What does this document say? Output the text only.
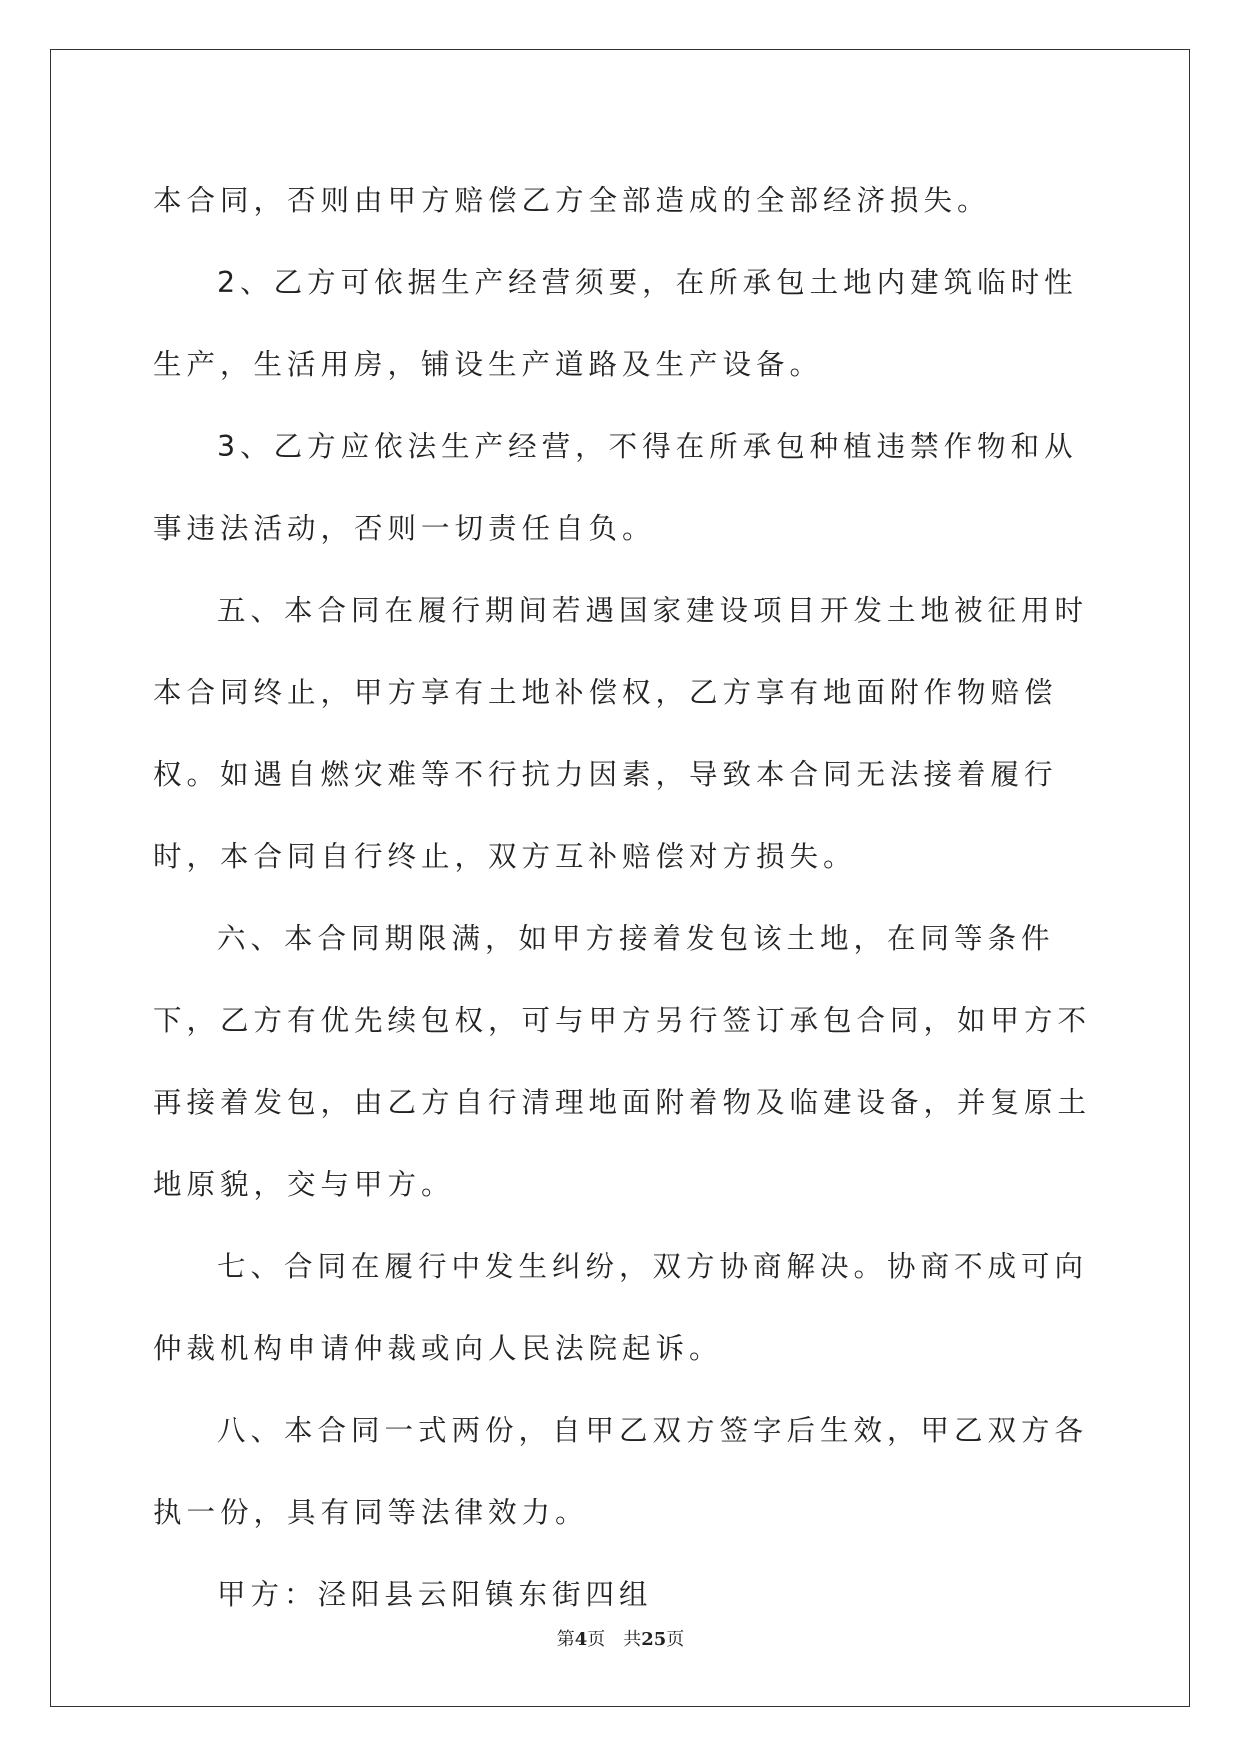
本合同，否则由甲方赔偿乙方全部造成的全部经济损失。

2、乙方可依据生产经营须要，在所承包土地内建筑临时性生产，生活用房，铺设生产道路及生产设备。

3、乙方应依法生产经营，不得在所承包种植违禁作物和从事违法活动，否则一切责任自负。

五、本合同在履行期间若遇国家建设项目开发土地被征用时本合同终止，甲方享有土地补偿权，乙方享有地面附作物赔偿权。如遇自燃灾难等不行抗力因素，导致本合同无法接着履行时，本合同自行终止，双方互补赔偿对方损失。

六、本合同期限满，如甲方接着发包该土地，在同等条件下，乙方有优先续包权，可与甲方另行签订承包合同，如甲方不再接着发包，由乙方自行清理地面附着物及临建设备，并复原土地原貌，交与甲方。

七、合同在履行中发生纠纷，双方协商解决。协商不成可向仲裁机构申请仲裁或向人民法院起诉。

八、本合同一式两份，自甲乙双方签字后生效，甲乙双方各执一份，具有同等法律效力。

甲方：泾阳县云阳镇东街四组

第4页 共25页
